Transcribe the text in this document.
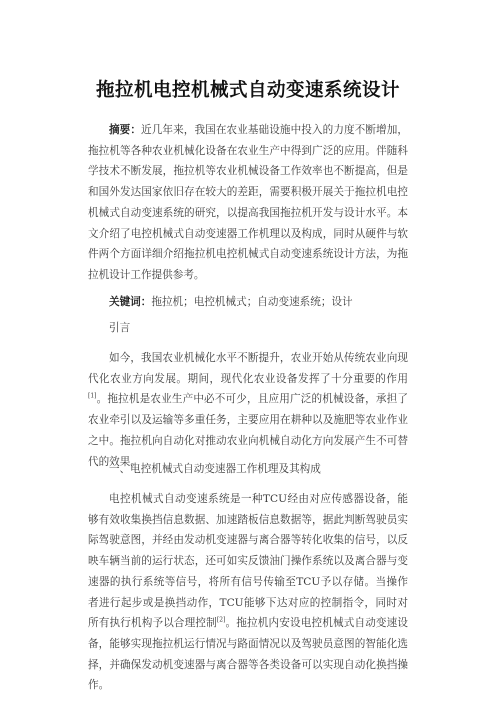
拖拉机电控机械式自动变速系统设计
摘要：近几年来，我国在农业基础设施中投入的力度不断增加，拖拉机等各种农业机械化设备在农业生产中得到广泛的应用。伴随科学技术不断发展，拖拉机等农业机械设备工作效率也不断提高，但是和国外发达国家依旧存在较大的差距，需要积极开展关于拖拉机电控机械式自动变速系统的研究，以提高我国拖拉机开发与设计水平。本文介绍了电控机械式自动变速器工作机理以及构成，同时从硬件与软件两个方面详细介绍拖拉机电控机械式自动变速系统设计方法，为拖拉机设计工作提供参考。
关键词：拖拉机；电控机械式；自动变速系统；设计
引言
如今，我国农业机械化水平不断提升，农业开始从传统农业向现代化农业方向发展。期间，现代化农业设备发挥了十分重要的作用[1]。拖拉机是农业生产中必不可少，且应用广泛的机械设备，承担了农业牵引以及运输等多重任务，主要应用在耕种以及施肥等农业作业之中。拖拉机向自动化对推动农业向机械自动化方向发展产生不可替代的效果。
一、电控机械式自动变速器工作机理及其构成
电控机械式自动变速系统是一种TCU经由对应传感器设备，能够有效收集换挡信息数据、加速踏板信息数据等，据此判断驾驶员实际驾驶意图，并经由发动机变速器与离合器等转化收集的信号，以反映车辆当前的运行状态，还可如实反馈油门操作系统以及离合器与变速器的执行系统等信号，将所有信号传输至TCU予以存储。当操作者进行起步或是换挡动作，TCU能够下达对应的控制指令，同时对所有执行机构予以合理控制[2]。拖拉机内安设电控机械式自动变速设备，能够实现拖拉机运行情况与路面情况以及驾驶员意图的智能化选择，并确保发动机变速器与离合器等各类设备可以实现自动化换挡操作。
